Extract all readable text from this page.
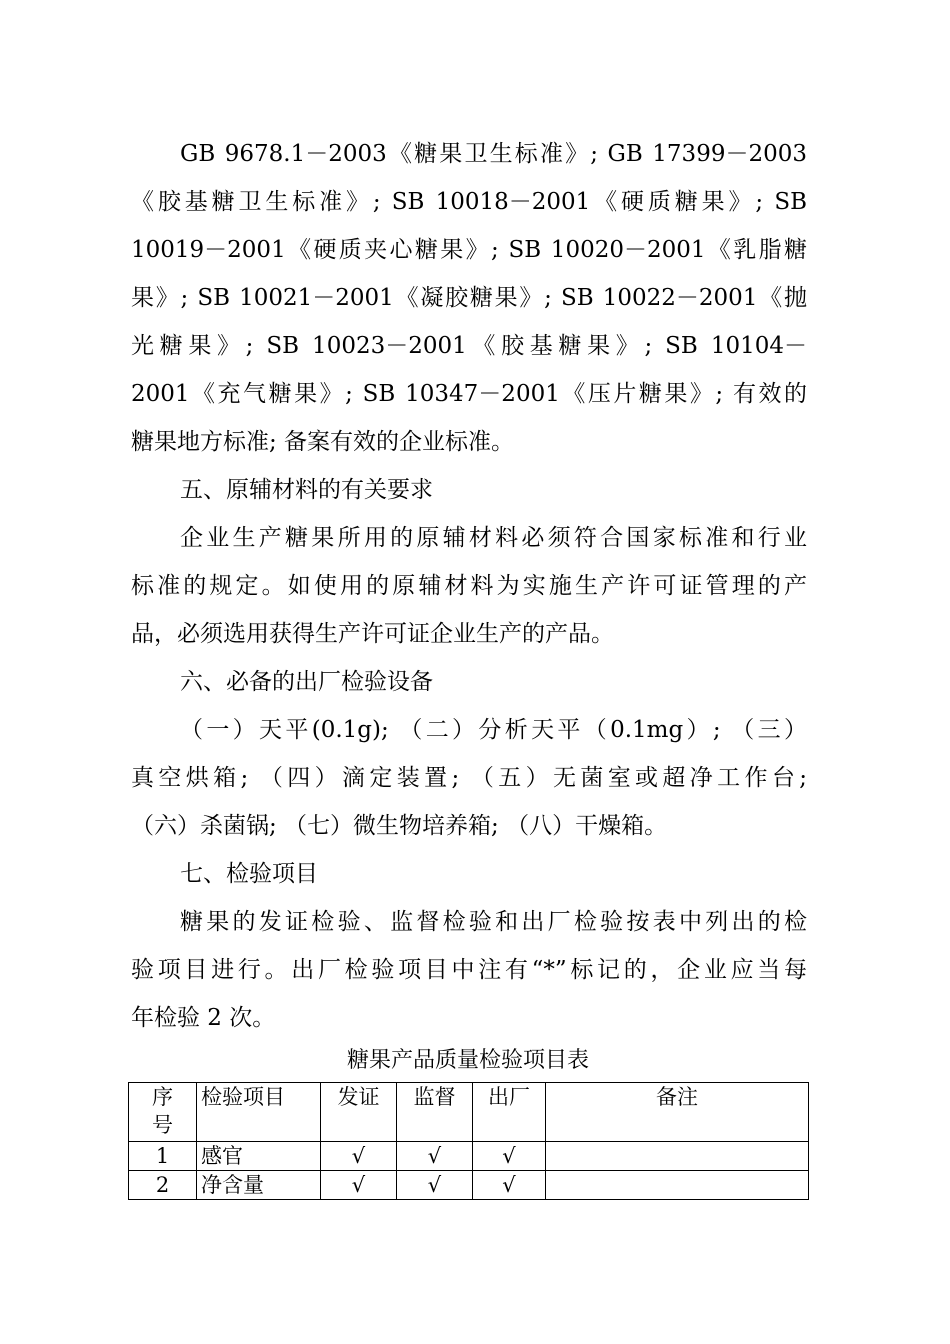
GB 9678.1－2003《糖果卫生标准》; GB 17399－2003
《胶基糖卫生标准》; SB 10018－2001《硬质糖果》; SB
10019－2001《硬质夹心糖果》; SB 10020－2001《乳脂糖
果》; SB 10021－2001《凝胶糖果》; SB 10022－2001《抛
光糖果》; SB 10023－2001《胶基糖果》; SB 10104－
2001《充气糖果》; SB 10347－2001《压片糖果》; 有效的
糖果地方标准; 备案有效的企业标准。
五、原辅材料的有关要求
企业生产糖果所用的原辅材料必须符合国家标准和行业
标准的规定。如使用的原辅材料为实施生产许可证管理的产
品，必须选用获得生产许可证企业生产的产品。
六、必备的出厂检验设备
（一）天平(0.1g); （二）分析天平（0.1mg）; （三）
真空烘箱; （四）滴定装置; （五）无菌室或超净工作台;
（六）杀菌锅; （七）微生物培养箱; （八）干燥箱。
七、检验项目
糖果的发证检验、监督检验和出厂检验按表中列出的检
验项目进行。出厂检验项目中注有“*”标记的，企业应当每
年检验 2 次。
糖果产品质量检验项目表
序号	检验项目	发证	监督	出厂	备注
1	感官	√	√	√	
2	净含量	√	√	√	
